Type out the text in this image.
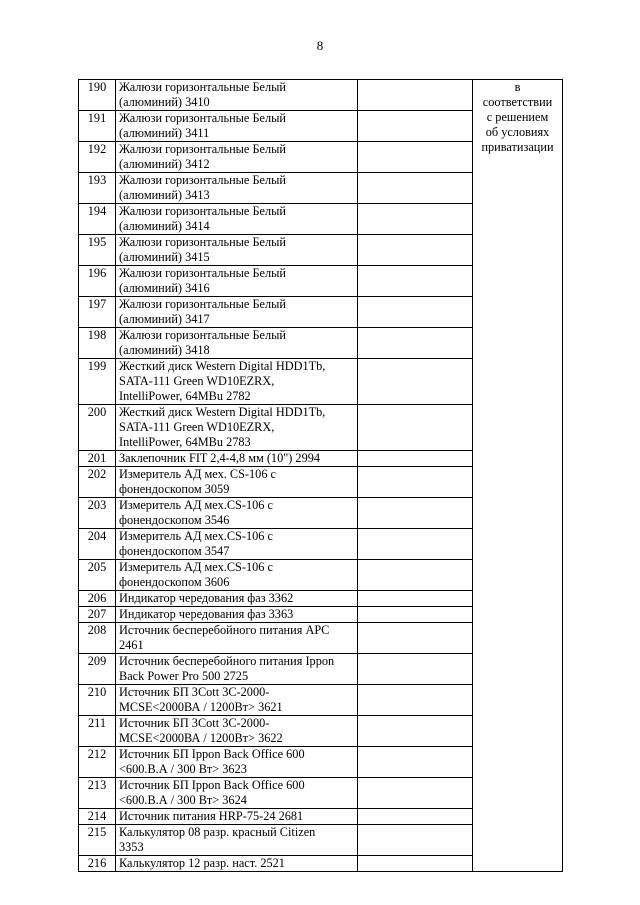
8
190	Жалюзи горизонтальные Белый
(алюминий) 3410		в
соответствии
с решением
об условиях
приватизации
191	Жалюзи горизонтальные Белый
(алюминий) 3411		
192	Жалюзи горизонтальные Белый
(алюминий) 3412		
193	Жалюзи горизонтальные Белый
(алюминий) 3413		
194	Жалюзи горизонтальные Белый
(алюминий) 3414		
195	Жалюзи горизонтальные Белый
(алюминий) 3415		
196	Жалюзи горизонтальные Белый
(алюминий) 3416		
197	Жалюзи горизонтальные Белый
(алюминий) 3417		
198	Жалюзи горизонтальные Белый
(алюминий) 3418		
199	Жесткий диск Western Digital HDD1Tb,
SATA-111 Green WD10EZRX,
IntelliPower, 64MBu 2782		
200	Жесткий диск Western Digital HDD1Tb,
SATA-111 Green WD10EZRX,
IntelliPower, 64MBu 2783		
201	Заклепочник FIT 2,4-4,8 мм (10") 2994		
202	Измеритель АД мех. CS-106 с
фонендоскопом 3059		
203	Измеритель АД мех.CS-106 с
фонендоскопом 3546		
204	Измеритель АД мех.CS-106 с
фонендоскопом 3547		
205	Измеритель АД мех.CS-106 с
фонендоскопом 3606		
206	Индикатор чередования фаз 3362		
207	Индикатор чередования фаз 3363		
208	Источник бесперебойного питания APC
2461		
209	Источник бесперебойного питания Ippon
Back Power Pro 500 2725		
210	Источник БП 3Cott 3C-2000-
MCSE<2000ВА / 1200Вт> 3621		
211	Источник БП 3Cott 3C-2000-
MCSE<2000ВА / 1200Вт> 3622		
212	Источник БП Ippon Back Office 600
<600.В.А / 300 Вт> 3623		
213	Источник БП Ippon Back Office 600
<600.В.А / 300 Вт> 3624		
214	Источник питания HRP-75-24 2681		
215	Калькулятор 08 разр. красный Citizen
3353		
216	Калькулятор 12 разр. наст. 2521		
